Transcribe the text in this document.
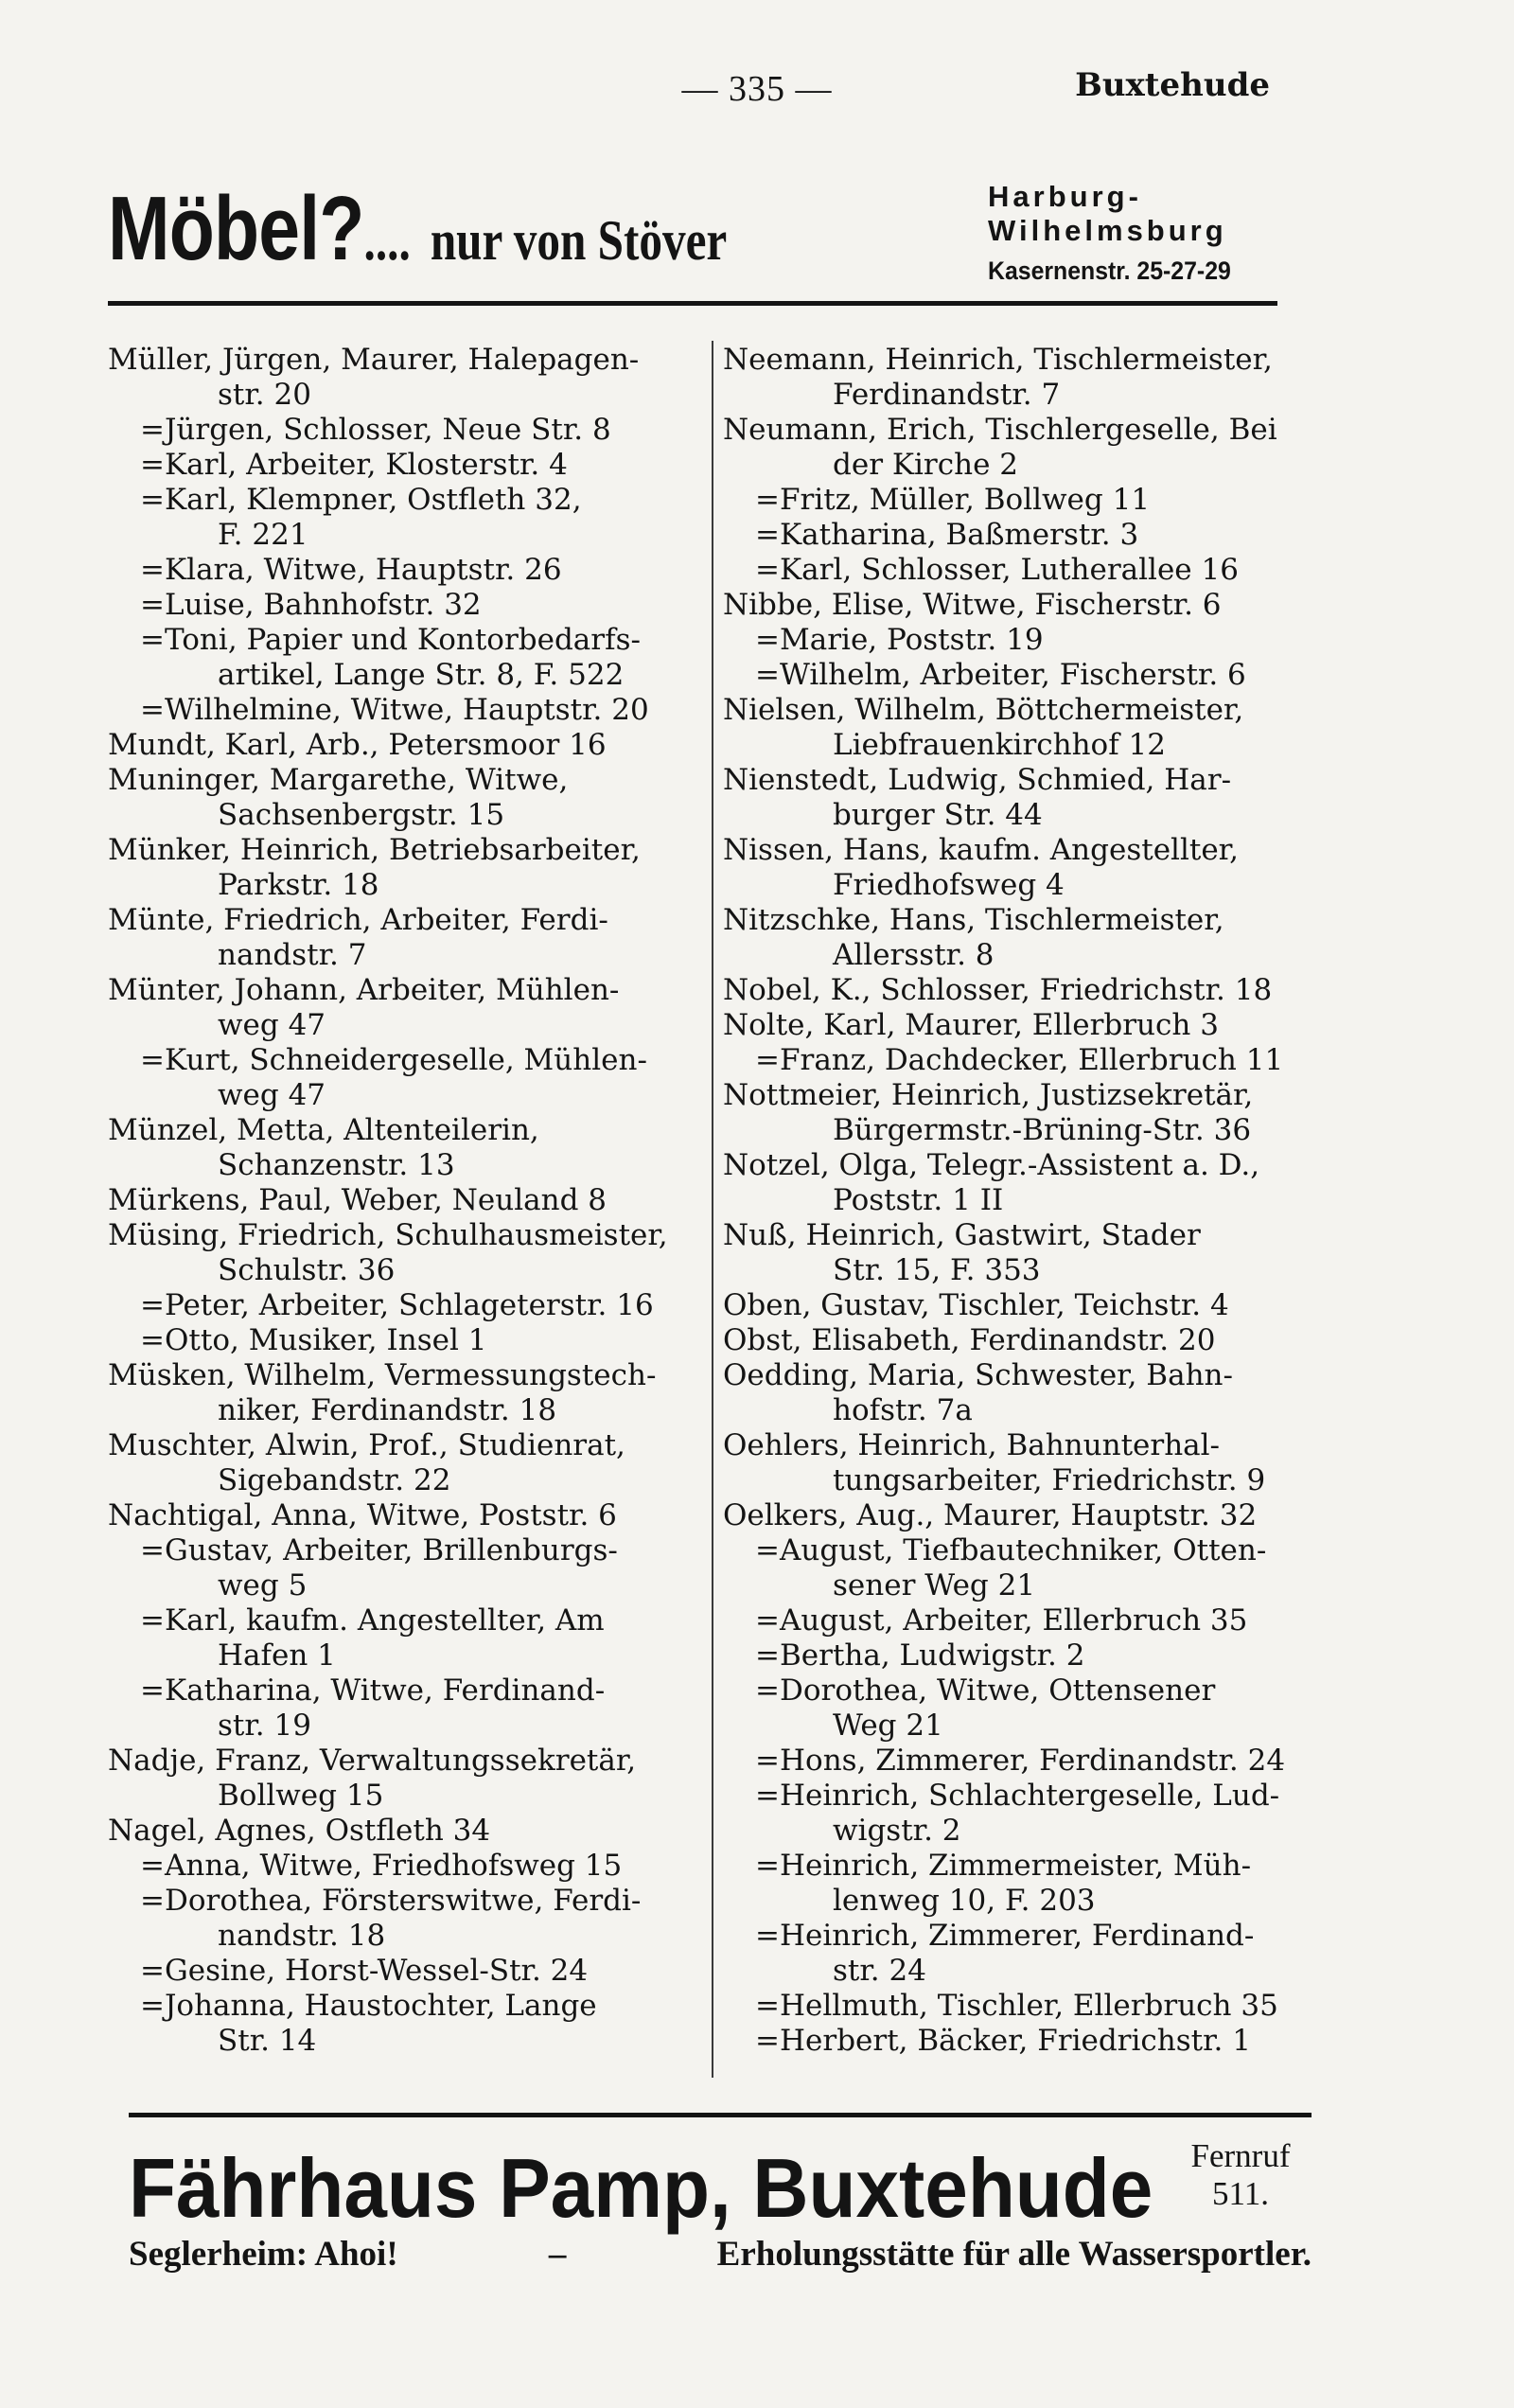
— 335 —	Buxtehude
Möbel?.... nur von Stöver
Harburg-
Wilhelmsburg
Kasernenstr. 25-27-29
Müller, Jürgen, Maurer, Halepagen-
str. 20
=Jürgen, Schlosser, Neue Str. 8
=Karl, Arbeiter, Klosterstr. 4
=Karl, Klempner, Ostfleth 32,
F. 221
=Klara, Witwe, Hauptstr. 26
=Luise, Bahnhofstr. 32
=Toni, Papier und Kontorbedarfs-
artikel, Lange Str. 8, F. 522
=Wilhelmine, Witwe, Hauptstr. 20
Mundt, Karl, Arb., Petersmoor 16
Muninger, Margarethe, Witwe,
Sachsenbergstr. 15
Münker, Heinrich, Betriebsarbeiter,
Parkstr. 18
Münte, Friedrich, Arbeiter, Ferdi-
nandstr. 7
Münter, Johann, Arbeiter, Mühlen-
weg 47
=Kurt, Schneidergeselle, Mühlen-
weg 47
Münzel, Metta, Altenteilerin,
Schanzenstr. 13
Mürkens, Paul, Weber, Neuland 8
Müsing, Friedrich, Schulhausmeister,
Schulstr. 36
=Peter, Arbeiter, Schlageterstr. 16
=Otto, Musiker, Insel 1
Müsken, Wilhelm, Vermessungstech-
niker, Ferdinandstr. 18
Muschter, Alwin, Prof., Studienrat,
Sigebandstr. 22
Nachtigal, Anna, Witwe, Poststr. 6
=Gustav, Arbeiter, Brillenburgs-
weg 5
=Karl, kaufm. Angestellter, Am
Hafen 1
=Katharina, Witwe, Ferdinand-
str. 19
Nadje, Franz, Verwaltungssekretär,
Bollweg 15
Nagel, Agnes, Ostfleth 34
=Anna, Witwe, Friedhofsweg 15
=Dorothea, Försterswitwe, Ferdi-
nandstr. 18
=Gesine, Horst-Wessel-Str. 24
=Johanna, Haustochter, Lange
Str. 14
Neemann, Heinrich, Tischlermeister,
Ferdinandstr. 7
Neumann, Erich, Tischlergeselle, Bei
der Kirche 2
=Fritz, Müller, Bollweg 11
=Katharina, Baßmerstr. 3
=Karl, Schlosser, Lutherallee 16
Nibbe, Elise, Witwe, Fischerstr. 6
=Marie, Poststr. 19
=Wilhelm, Arbeiter, Fischerstr. 6
Nielsen, Wilhelm, Böttchermeister,
Liebfrauenkirchhof 12
Nienstedt, Ludwig, Schmied, Har-
burger Str. 44
Nissen, Hans, kaufm. Angestellter,
Friedhofsweg 4
Nitzschke, Hans, Tischlermeister,
Allersstr. 8
Nobel, K., Schlosser, Friedrichstr. 18
Nolte, Karl, Maurer, Ellerbruch 3
=Franz, Dachdecker, Ellerbruch 11
Nottmeier, Heinrich, Justizsekretär,
Bürgermstr.-Brüning-Str. 36
Notzel, Olga, Telegr.-Assistent a. D.,
Poststr. 1 II
Nuß, Heinrich, Gastwirt, Stader
Str. 15, F. 353
Oben, Gustav, Tischler, Teichstr. 4
Obst, Elisabeth, Ferdinandstr. 20
Oedding, Maria, Schwester, Bahn-
hofstr. 7a
Oehlers, Heinrich, Bahnunterhal-
tungsarbeiter, Friedrichstr. 9
Oelkers, Aug., Maurer, Hauptstr. 32
=August, Tiefbautechniker, Otten-
sener Weg 21
=August, Arbeiter, Ellerbruch 35
=Bertha, Ludwigstr. 2
=Dorothea, Witwe, Ottensener
Weg 21
=Hons, Zimmerer, Ferdinandstr. 24
=Heinrich, Schlachtergeselle, Lud-
wigstr. 2
=Heinrich, Zimmermeister, Müh-
lenweg 10, F. 203
=Heinrich, Zimmerer, Ferdinand-
str. 24
=Hellmuth, Tischler, Ellerbruch 35
=Herbert, Bäcker, Friedrichstr. 1
Fährhaus Pamp, Buxtehude	Fernruf
511.
Seglerheim: Ahoi!	–	Erholungsstätte für alle Wassersportler.
